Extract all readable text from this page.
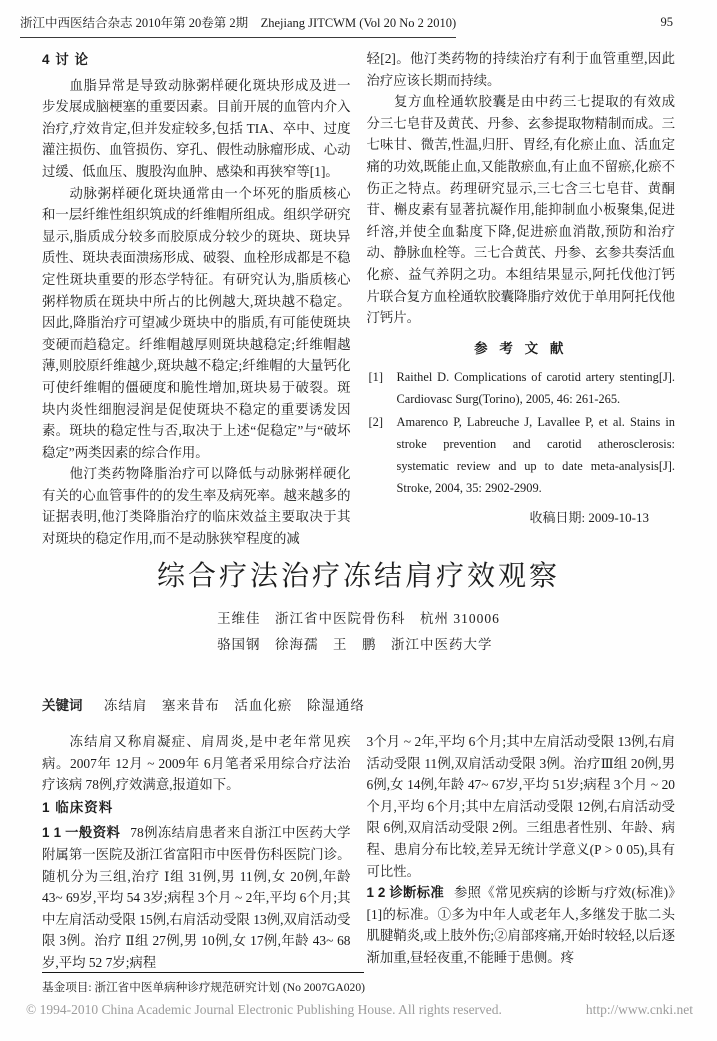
浙江中西医结合杂志 2010年第 20卷第 2期　Zhejiang JITCWM (Vol 20 No 2 2010)	95
4 讨 论

血脂异常是导致动脉粥样硬化斑块形成及进一步发展成脑梗塞的重要因素。目前开展的血管内介入治疗,疗效肯定,但并发症较多,包括 TIA、卒中、过度灌注损伤、血管损伤、穿孔、假性动脉瘤形成、心动过缓、低血压、腹股沟血肿、感染和再狭窄等[1]。

动脉粥样硬化斑块通常由一个坏死的脂质核心和一层纤维性组织筑成的纤维帽所组成。组织学研究显示,脂质成分较多而胶原成分较少的斑块、斑块异质性、斑块表面溃疡形成、破裂、血栓形成都是不稳定性斑块重要的形态学特征。有研究认为,脂质核心粥样物质在斑块中所占的比例越大,斑块越不稳定。因此,降脂治疗可望减少斑块中的脂质,有可能使斑块变硬而趋稳定。纤维帽越厚则斑块越稳定;纤维帽越薄,则胶原纤维越少,斑块越不稳定;纤维帽的大量钙化可使纤维帽的僵硬度和脆性增加,斑块易于破裂。斑块内炎性细胞浸润是促使斑块不稳定的重要诱发因素。斑块的稳定性与否,取决于上述“促稳定”与“破坏稳定”两类因素的综合作用。

他汀类药物降脂治疗可以降低与动脉粥样硬化有关的心血管事件的的发生率及病死率。越来越多的证据表明,他汀类降脂治疗的临床效益主要取决于其对斑块的稳定作用,而不是动脉狭窄程度的减

轻[2]。他汀类药物的持续治疗有利于血管重塑,因此治疗应该长期而持续。

复方血栓通软胶囊是由中药三七提取的有效成分三七皂苷及黄芪、丹参、玄参提取物精制而成。三七味甘、微苦,性温,归肝、胃经,有化瘀止血、活血定痛的功效,既能止血,又能散瘀血,有止血不留瘀,化瘀不伤正之特点。药理研究显示,三七含三七皂苷、黄酮苷、槲皮素有显著抗凝作用,能抑制血小板聚集,促进纤溶,并使全血黏度下降,促进瘀血消散,预防和治疗动、静脉血栓等。三七合黄芪、丹参、玄参共奏活血化瘀、益气养阴之功。本组结果显示,阿托伐他汀钙片联合复方血栓通软胶囊降脂疗效优于单用阿托伐他汀钙片。

参 考 文 献
[1] Raithel D. Complications of carotid artery stenting[J]. Cardiovasc Surg(Torino), 2005, 46: 261-265.
[2] Amarenco P, Labreuche J, Lavallee P, et al. Stains in stroke prevention and carotid atherosclerosis: systematic review and up to date meta-analysis[J]. Stroke, 2004, 35: 2902-2909.
收稿日期: 2009-10-13
综合疗法治疗冻结肩疗效观察
王维佳　浙江省中医院骨伤科　杭州 310006
骆国钢　徐海孺　王　鹏　浙江中医药大学
关键词 冻结肩　塞来昔布　活血化瘀　除湿通络

冻结肩又称肩凝症、肩周炎,是中老年常见疾病。2007年 12月 ~ 2009年 6月笔者采用综合疗法治疗该病 78例,疗效满意,报道如下。

1 临床资料

1 1 一般资料 78例冻结肩患者来自浙江中医药大学附属第一医院及浙江省富阳市中医骨伤科医院门诊。随机分为三组,治疗 Ⅰ组 31例,男 11例,女 20例,年龄 43~ 69岁,平均 54 3岁;病程 3个月 ~ 2年,平均 6个月;其中左肩活动受限 15例,右肩活动受限 13例,双肩活动受限 3例。治疗 Ⅱ组 27例,男 10例,女 17例,年龄 43~ 68岁,平均 52 7岁;病程

3个月 ~ 2年,平均 6个月;其中左肩活动受限 13例,右肩活动受限 11例,双肩活动受限 3例。治疗Ⅲ组 20例,男 6例,女 14例,年龄 47~ 67岁,平均 51岁;病程 3个月 ~ 20个月,平均 6个月;其中左肩活动受限 12例,右肩活动受限 6例,双肩活动受限 2例。三组患者性别、年龄、病程、患肩分布比较,差异无统计学意义(P > 0 05),具有可比性。

1 2 诊断标准 参照《常见疾病的诊断与疗效(标准)》[1]的标准。①多为中年人或老年人,多继发于肱二头肌腱鞘炎,或上肢外伤;②肩部疼痛,开始时较轻,以后逐渐加重,昼轻夜重,不能睡于患侧。疼

基金项目: 浙江省中医单病种诊疗规范研究计划 (No 2007GA020)
© 1994-2010 China Academic Journal Electronic Publishing House. All rights reserved.	http://www.cnki.net
